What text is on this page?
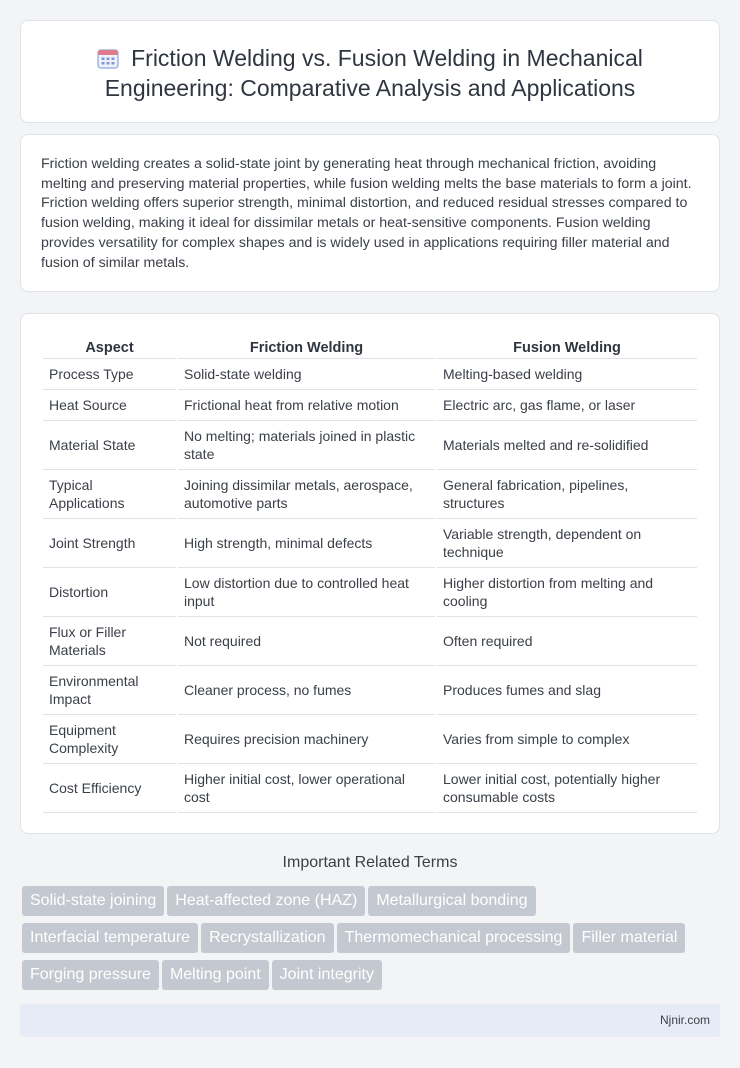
Friction Welding vs. Fusion Welding in Mechanical Engineering: Comparative Analysis and Applications

Friction welding creates a solid-state joint by generating heat through mechanical friction, avoiding melting and preserving material properties, while fusion welding melts the base materials to form a joint. Friction welding offers superior strength, minimal distortion, and reduced residual stresses compared to fusion welding, making it ideal for dissimilar metals or heat-sensitive components. Fusion welding provides versatility for complex shapes and is widely used in applications requiring filler material and fusion of similar metals.

Aspect	Friction Welding	Fusion Welding
Process Type	Solid-state welding	Melting-based welding
Heat Source	Frictional heat from relative motion	Electric arc, gas flame, or laser
Material State	No melting; materials joined in plastic state	Materials melted and re-solidified
Typical Applications	Joining dissimilar metals, aerospace, automotive parts	General fabrication, pipelines, structures
Joint Strength	High strength, minimal defects	Variable strength, dependent on technique
Distortion	Low distortion due to controlled heat input	Higher distortion from melting and cooling
Flux or Filler Materials	Not required	Often required
Environmental Impact	Cleaner process, no fumes	Produces fumes and slag
Equipment Complexity	Requires precision machinery	Varies from simple to complex
Cost Efficiency	Higher initial cost, lower operational cost	Lower initial cost, potentially higher consumable costs
Important Related Terms
Solid-state joining Heat-affected zone (HAZ) Metallurgical bonding
Interfacial temperature Recrystallization Thermomechanical processing Filler material
Forging pressure Melting point Joint integrity
Njnir.com
